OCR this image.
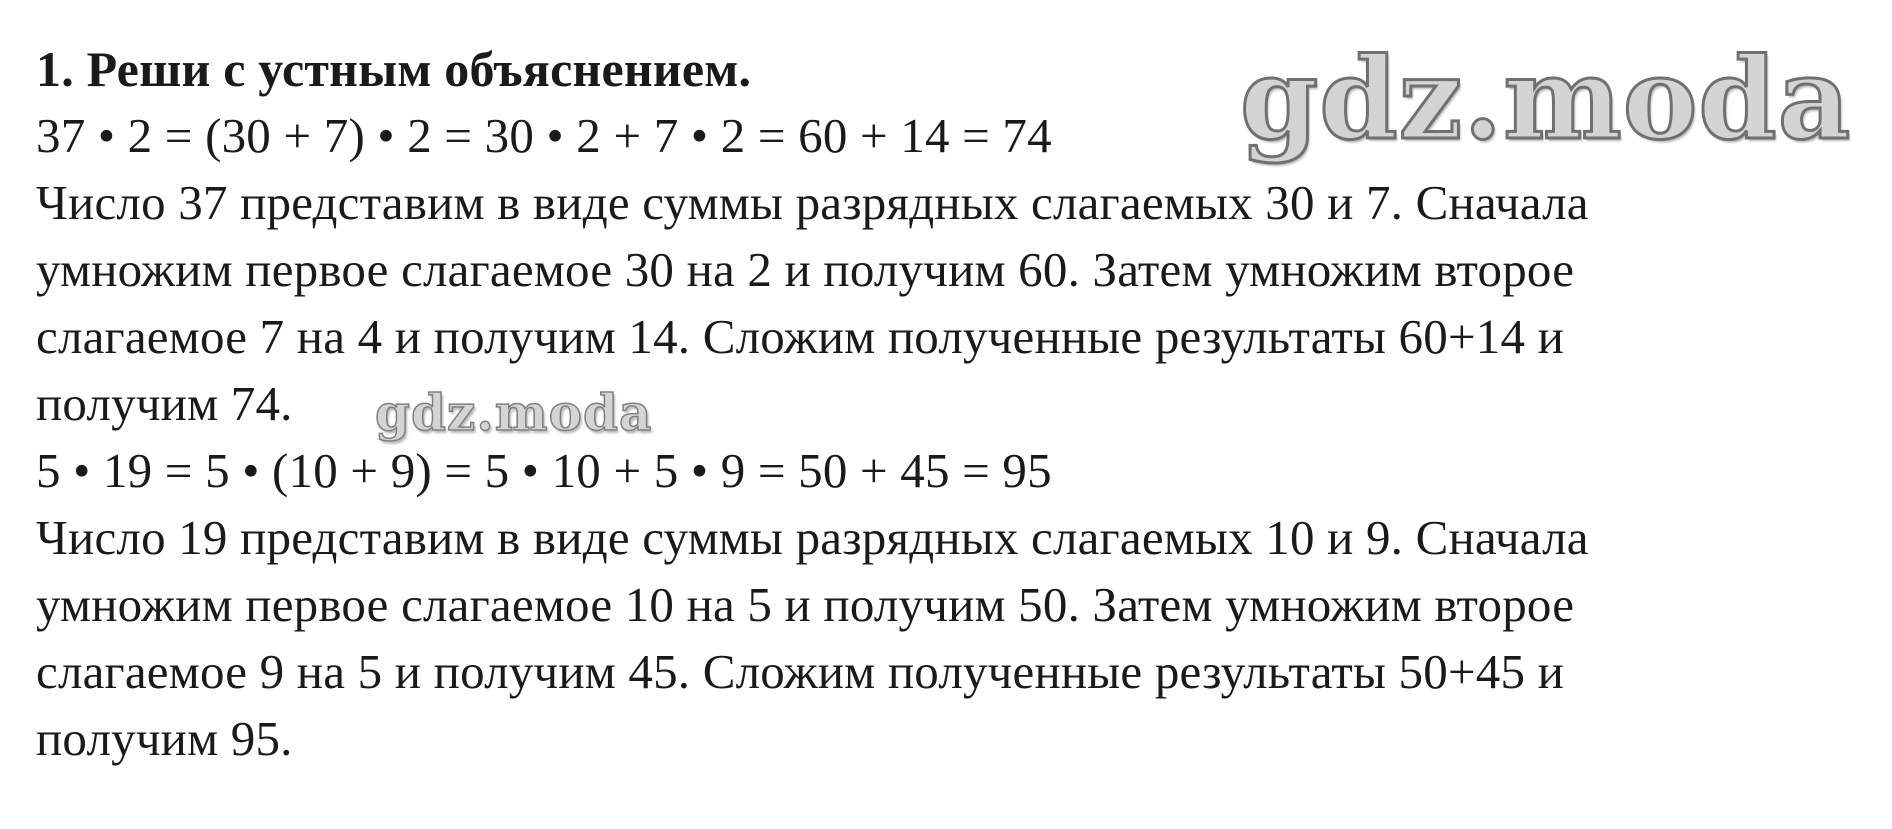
1. Реши с устным объяснением.
37 • 2 = (30 + 7) • 2 = 30 • 2 + 7 • 2 = 60 + 14 = 74
Число 37 представим в виде суммы разрядных слагаемых 30 и 7. Сначала
умножим первое слагаемое 30 на 2 и получим 60. Затем умножим второе
слагаемое 7 на 4 и получим 14. Сложим полученные результаты 60+14 и
получим 74.
5 • 19 = 5 • (10 + 9) = 5 • 10 + 5 • 9 = 50 + 45 = 95
Число 19 представим в виде суммы разрядных слагаемых 10 и 9. Сначала
умножим первое слагаемое 10 на 5 и получим 50. Затем умножим второе
слагаемое 9 на 5 и получим 45. Сложим полученные результаты 50+45 и
получим 95.
gdz.moda
gdz.moda
